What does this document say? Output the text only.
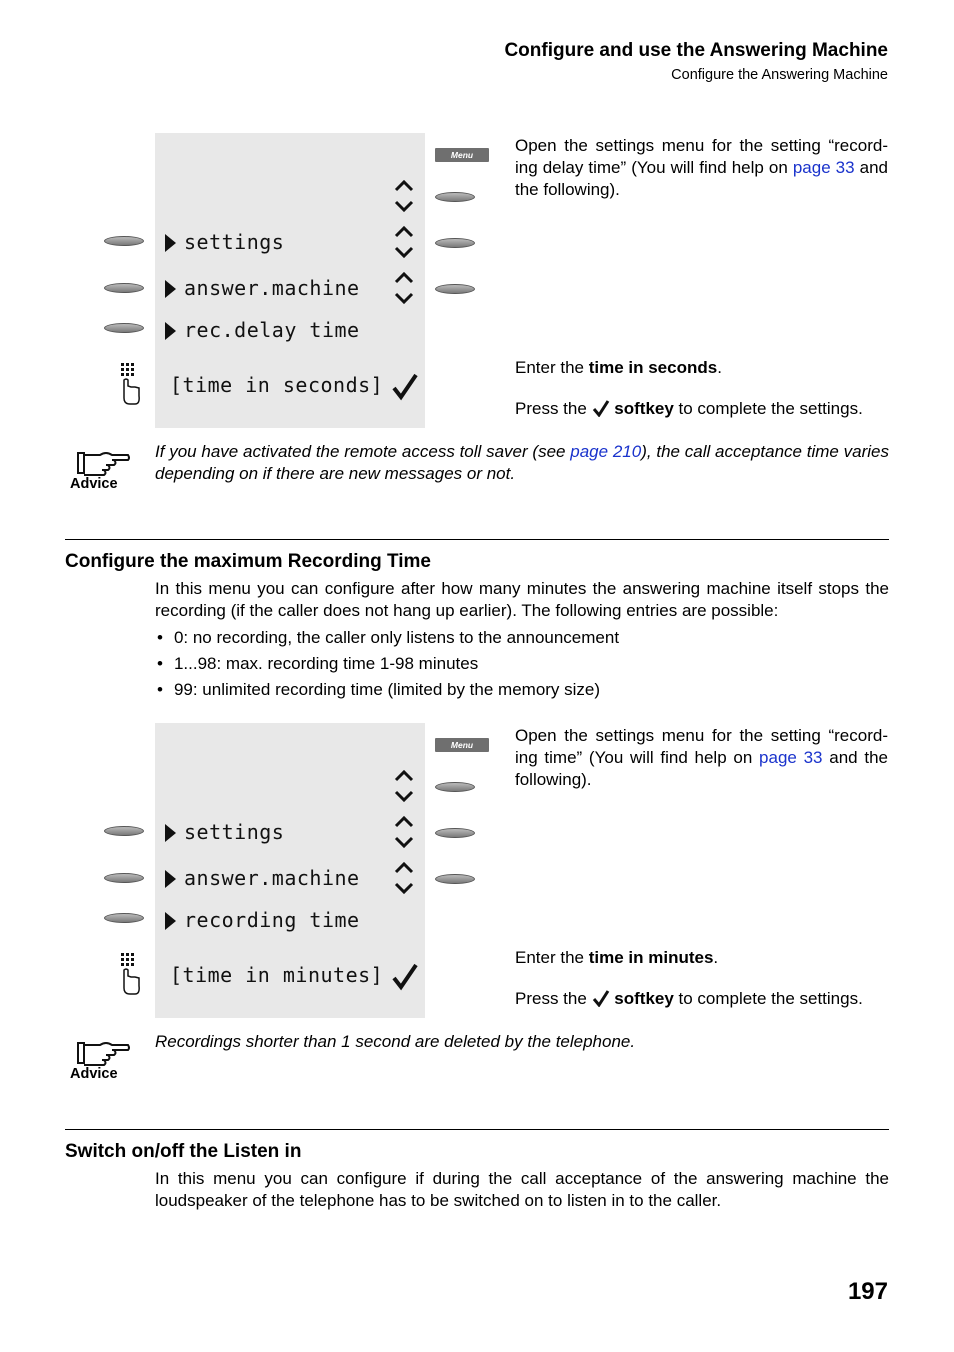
Configure and use the Answering Machine
Configure the Answering Machine
settings
answer.machine
rec.delay time
[time in seconds]
Menu	Open the settings menu for the setting “record-ing delay time” (You will find help on page 33 and the following).
Enter the time in seconds.
Press the  softkey to complete the settings.
Advice
If you have activated the remote access toll saver (see page 210), the call acceptance time varies depending on if there are new messages or not.
Configure the maximum Recording Time
In this menu you can configure after how many minutes the answering machine itself stops the recording (if the caller does not hang up earlier). The following entries are possible:
• 0: no recording, the caller only listens to the announcement
• 1...98: max. recording time 1-98 minutes
• 99: unlimited recording time (limited by the memory size)
settings
answer.machine
recording time
[time in minutes]
Menu	Open the settings menu for the setting “record-ing time” (You will find help on page 33 and the following).
Enter the time in minutes.
Press the  softkey to complete the settings.
Advice
Recordings shorter than 1 second are deleted by the telephone.
Switch on/off the Listen in
In this menu you can configure if during the call acceptance of the answering machine the loudspeaker of the telephone has to be switched on to listen in to the caller.
197
